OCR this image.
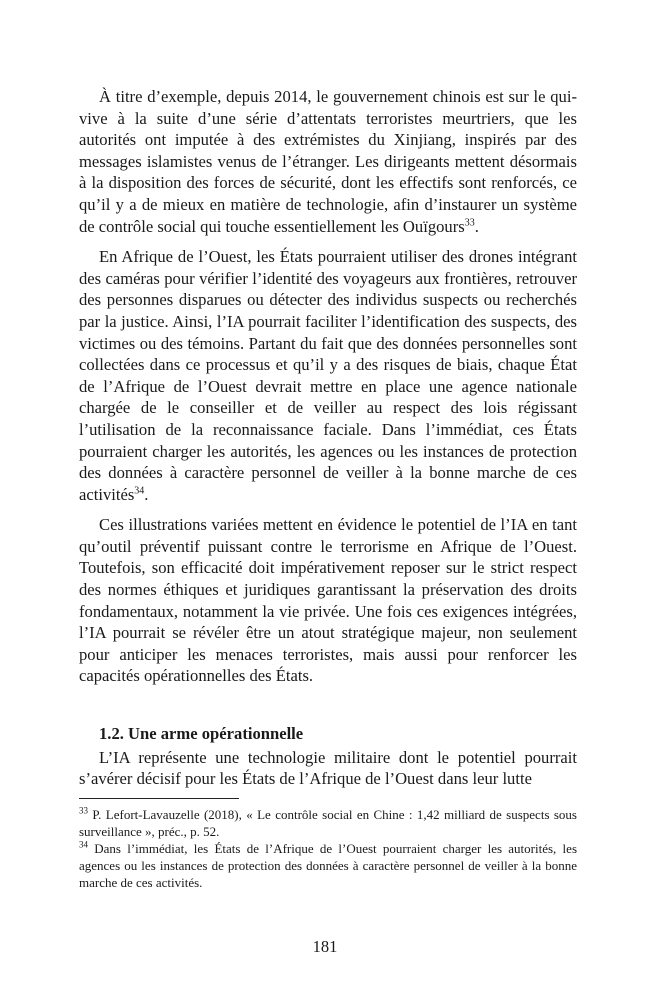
À titre d’exemple, depuis 2014, le gouvernement chinois est sur le qui-vive à la suite d’une série d’attentats terroristes meurtriers, que les autorités ont imputée à des extrémistes du Xinjiang, inspirés par des messages islamistes venus de l’étranger. Les dirigeants mettent désormais à la disposition des forces de sécurité, dont les effectifs sont renforcés, ce qu’il y a de mieux en matière de technologie, afin d’instaurer un système de contrôle social qui touche essentiellement les Ouïgours$^{33}$.

En Afrique de l’Ouest, les États pourraient utiliser des drones intégrant des caméras pour vérifier l’identité des voyageurs aux frontières, retrouver des personnes disparues ou détecter des individus suspects ou recherchés par la justice. Ainsi, l’IA pourrait faciliter l’identification des suspects, des victimes ou des témoins. Partant du fait que des données personnelles sont collectées dans ce processus et qu’il y a des risques de biais, chaque État de l’Afrique de l’Ouest devrait mettre en place une agence nationale chargée de le conseiller et de veiller au respect des lois régissant l’utilisation de la reconnaissance faciale. Dans l’immédiat, ces États pourraient charger les autorités, les agences ou les instances de protection des données à caractère personnel de veiller à la bonne marche de ces activités$^{34}$.

Ces illustrations variées mettent en évidence le potentiel de l’IA en tant qu’outil préventif puissant contre le terrorisme en Afrique de l’Ouest. Toutefois, son efficacité doit impérativement reposer sur le strict respect des normes éthiques et juridiques garantissant la préservation des droits fondamentaux, notamment la vie privée. Une fois ces exigences intégrées, l’IA pourrait se révéler être un atout stratégique majeur, non seulement pour anticiper les menaces terroristes, mais aussi pour renforcer les capacités opérationnelles des États.

1.2. Une arme opérationnelle

L’IA représente une technologie militaire dont le potentiel pourrait s’avérer décisif pour les États de l’Afrique de l’Ouest dans leur lutte

$^{33}$ P. Lefort-Lavauzelle (2018), « Le contrôle social en Chine : 1,42 milliard de suspects sous surveillance », préc., p. 52.

$^{34}$ Dans l’immédiat, les États de l’Afrique de l’Ouest pourraient charger les autorités, les agences ou les instances de protection des données à caractère personnel de veiller à la bonne marche de ces activités.

181
